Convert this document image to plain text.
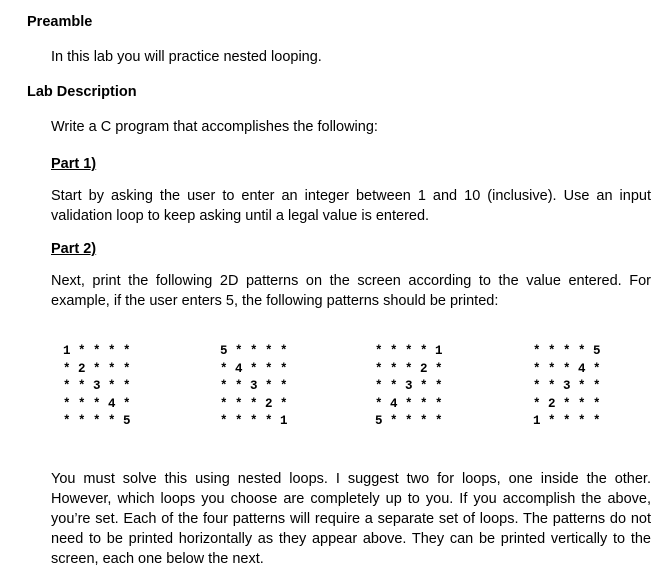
Preamble

In this lab you will practice nested looping.

Lab Description

Write a C program that accomplishes the following:

Part 1)

Start by asking the user to enter an integer between 1 and 10 (inclusive). Use an input validation loop to keep asking until a legal value is entered.

Part 2)

Next, print the following 2D patterns on the screen according to the value entered. For example, if the user enters 5, the following patterns should be printed:

1 * * * *
* 2 * * *
* * 3 * *
* * * 4 *
* * * * 5
5 * * * *
* 4 * * *
* * 3 * *
* * * 2 *
* * * * 1
* * * * 1
* * * 2 *
* * 3 * *
* 4 * * *
5 * * * *
* * * * 5
* * * 4 *
* * 3 * *
* 2 * * *
1 * * * *

You must solve this using nested loops. I suggest two for loops, one inside the other. However, which loops you choose are completely up to you. If you accomplish the above, you’re set. Each of the four patterns will require a separate set of loops. The patterns do not need to be printed horizontally as they appear above. They can be printed vertically to the screen, each one below the next.
